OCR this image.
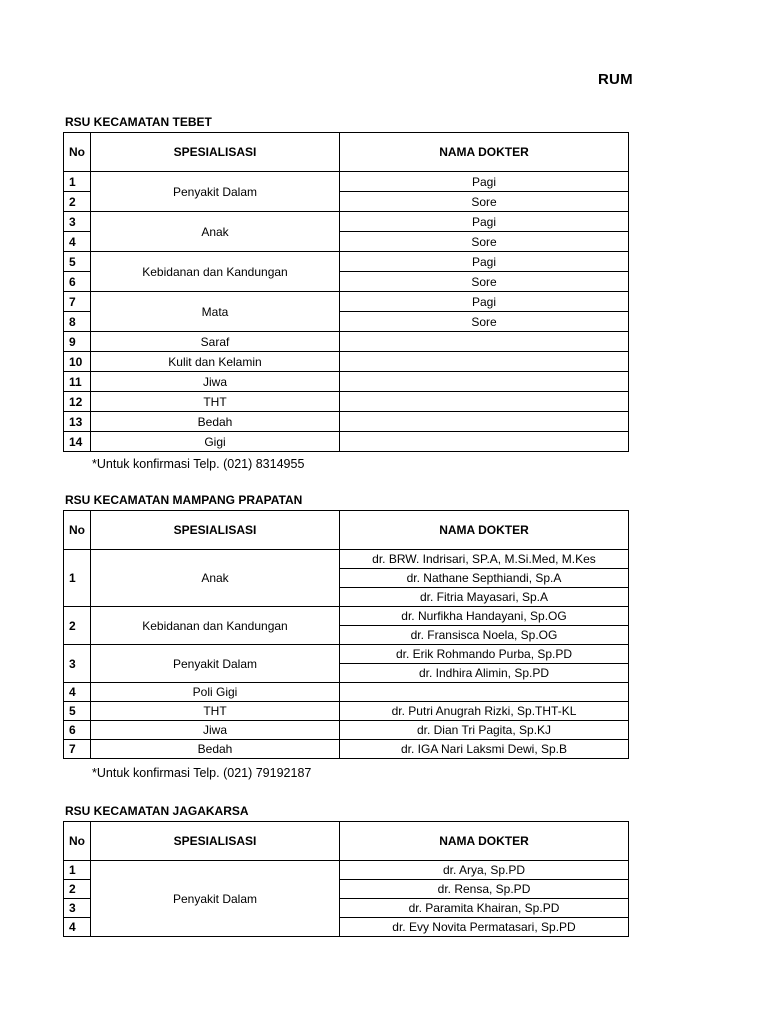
RUM
RSU KECAMATAN TEBET
No	SPESIALISASI	NAMA DOKTER
1	Penyakit Dalam	Pagi
2		Sore
3	Anak	Pagi
4		Sore
5	Kebidanan dan Kandungan	Pagi
6		Sore
7	Mata	Pagi
8		Sore
9	Saraf	
10	Kulit dan Kelamin	
11	Jiwa	
12	THT	
13	Bedah	
14	Gigi	
*Untuk konfirmasi Telp. (021) 8314955
RSU KECAMATAN MAMPANG PRAPATAN
No	SPESIALISASI	NAMA DOKTER
1	Anak	dr. BRW. Indrisari, SP.A, M.Si.Med, M.Kes
		dr. Nathane Septhiandi, Sp.A
		dr. Fitria Mayasari, Sp.A
2	Kebidanan dan Kandungan	dr. Nurfikha Handayani, Sp.OG
		dr. Fransisca Noela, Sp.OG
3	Penyakit Dalam	dr. Erik Rohmando Purba, Sp.PD
		dr. Indhira Alimin, Sp.PD
4	Poli Gigi	
5	THT	dr. Putri Anugrah Rizki, Sp.THT-KL
6	Jiwa	dr. Dian Tri Pagita, Sp.KJ
7	Bedah	dr. IGA Nari Laksmi Dewi, Sp.B
*Untuk konfirmasi Telp. (021) 79192187
RSU KECAMATAN JAGAKARSA
No	SPESIALISASI	NAMA DOKTER
1	Penyakit Dalam	dr. Arya, Sp.PD
2		dr. Rensa, Sp.PD
3		dr. Paramita Khairan, Sp.PD
4		dr. Evy Novita Permatasari, Sp.PD
